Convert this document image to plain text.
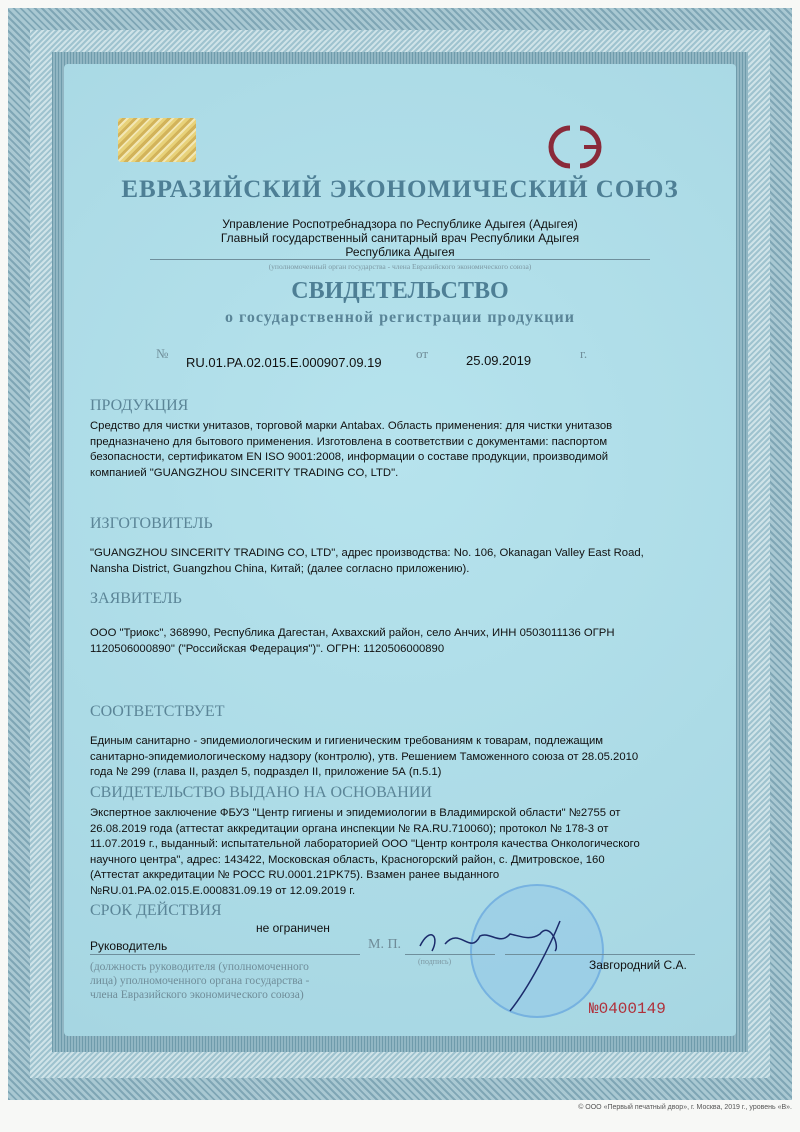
ЕВРАЗИЙСКИЙ ЭКОНОМИЧЕСКИЙ СОЮЗ
Управление Роспотребнадзора по Республике Адыгея (Адыгея)
Главный государственный санитарный врач Республики Адыгея
Республика Адыгея
(уполномоченный орган государства - члена Евразийского экономического союза)
СВИДЕТЕЛЬСТВО
о государственной регистрации продукции
№
RU.01.PA.02.015.E.000907.09.19
от	25.09.2019	г.
ПРОДУКЦИЯ
Средство для чистки унитазов, торговой марки Antabax. Область применения: для чистки унитазов
предназначено для бытового применения. Изготовлена в соответствии с документами: паспортом
безопасности, сертификатом EN ISO 9001:2008, информации о составе продукции, производимой
компанией "GUANGZHOU SINCERITY TRADING CO, LTD".
ИЗГОТОВИТЕЛЬ
"GUANGZHOU SINCERITY TRADING CO, LTD", адрес производства: No. 106, Okanagan Valley East Road,
Nansha District, Guangzhou China, Китай; (далее согласно приложению).
ЗАЯВИТЕЛЬ
ООО "Триокс", 368990, Республика Дагестан, Ахвахский район, село Анчих, ИНН 0503011136 ОГРН
1120506000890" ("Российская Федерация")". ОГРН: 1120506000890
СООТВЕТСТВУЕТ
Единым санитарно - эпидемиологическим и гигиеническим требованиям к товарам, подлежащим
санитарно-эпидемиологическому надзору (контролю), утв. Решением Таможенного союза от 28.05.2010
года № 299 (глава II, раздел 5, подраздел II, приложение 5А (п.5.1)
СВИДЕТЕЛЬСТВО ВЫДАНО НА ОСНОВАНИИ
Экспертное заключение ФБУЗ "Центр гигиены и эпидемиологии в Владимирской области" №2755 от
26.08.2019 года (аттестат аккредитации органа инспекции № RA.RU.710060); протокол № 178-3 от
11.07.2019 г., выданный: испытательной лабораторией ООО "Центр контроля качества Онкологического
научного центра", адрес: 143422, Московская область, Красногорский район, с. Дмитровское, 160
(Аттестат аккредитации № РОСС RU.0001.21PK75). Взамен ранее выданного
№RU.01.PA.02.015.E.000831.09.19 от 12.09.2019 г.
СРОК ДЕЙСТВИЯ
не ограничен
Руководитель	М. П.
(подпись)	Завгородний С.А.
(должность руководителя (уполномоченного
лица) уполномоченного органа государства -
члена Евразийского экономического союза)
№0400149
© ООО «Первый печатный двор», г. Москва, 2019 г., уровень «В».
